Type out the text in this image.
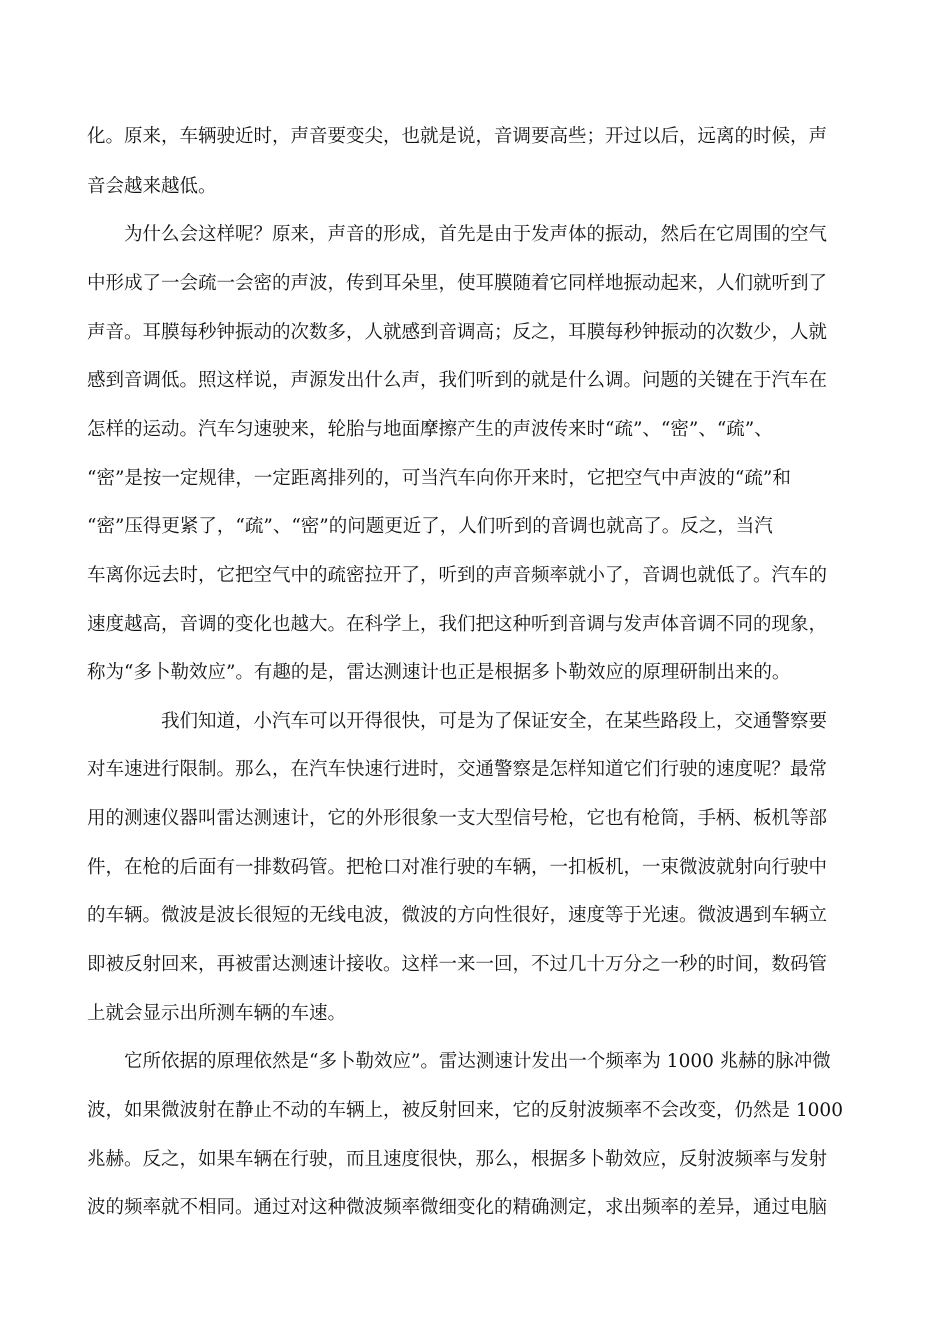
化。原来，车辆驶近时，声音要变尖，也就是说，音调要高些；开过以后，远离的时候，声
音会越来越低。
为什么会这样呢？原来，声音的形成，首先是由于发声体的振动，然后在它周围的空气
中形成了一会疏一会密的声波，传到耳朵里，使耳膜随着它同样地振动起来，人们就听到了
声音。耳膜每秒钟振动的次数多，人就感到音调高；反之，耳膜每秒钟振动的次数少，人就
感到音调低。照这样说，声源发出什么声，我们听到的就是什么调。问题的关键在于汽车在
怎样的运动。汽车匀速驶来，轮胎与地面摩擦产生的声波传来时“疏”、“密”、“疏”、
“密”是按一定规律，一定距离排列的，可当汽车向你开来时，它把空气中声波的“疏”和
“密”压得更紧了，“疏”、“密”的问题更近了，人们听到的音调也就高了。反之，当汽
车离你远去时，它把空气中的疏密拉开了，听到的声音频率就小了，音调也就低了。汽车的
速度越高，音调的变化也越大。在科学上，我们把这种听到音调与发声体音调不同的现象，
称为“多卜勒效应”。有趣的是，雷达测速计也正是根据多卜勒效应的原理研制出来的。
我们知道，小汽车可以开得很快，可是为了保证安全，在某些路段上，交通警察要
对车速进行限制。那么，在汽车快速行进时，交通警察是怎样知道它们行驶的速度呢？最常
用的测速仪器叫雷达测速计，它的外形很象一支大型信号枪，它也有枪筒，手柄、板机等部
件，在枪的后面有一排数码管。把枪口对准行驶的车辆，一扣板机，一束微波就射向行驶中
的车辆。微波是波长很短的无线电波，微波的方向性很好，速度等于光速。微波遇到车辆立
即被反射回来，再被雷达测速计接收。这样一来一回，不过几十万分之一秒的时间，数码管
上就会显示出所测车辆的车速。
它所依据的原理依然是“多卜勒效应”。雷达测速计发出一个频率为 1000 兆赫的脉冲微
波，如果微波射在静止不动的车辆上，被反射回来，它的反射波频率不会改变，仍然是 1000
兆赫。反之，如果车辆在行驶，而且速度很快，那么，根据多卜勒效应，反射波频率与发射
波的频率就不相同。通过对这种微波频率微细变化的精确测定，求出频率的差异，通过电脑
